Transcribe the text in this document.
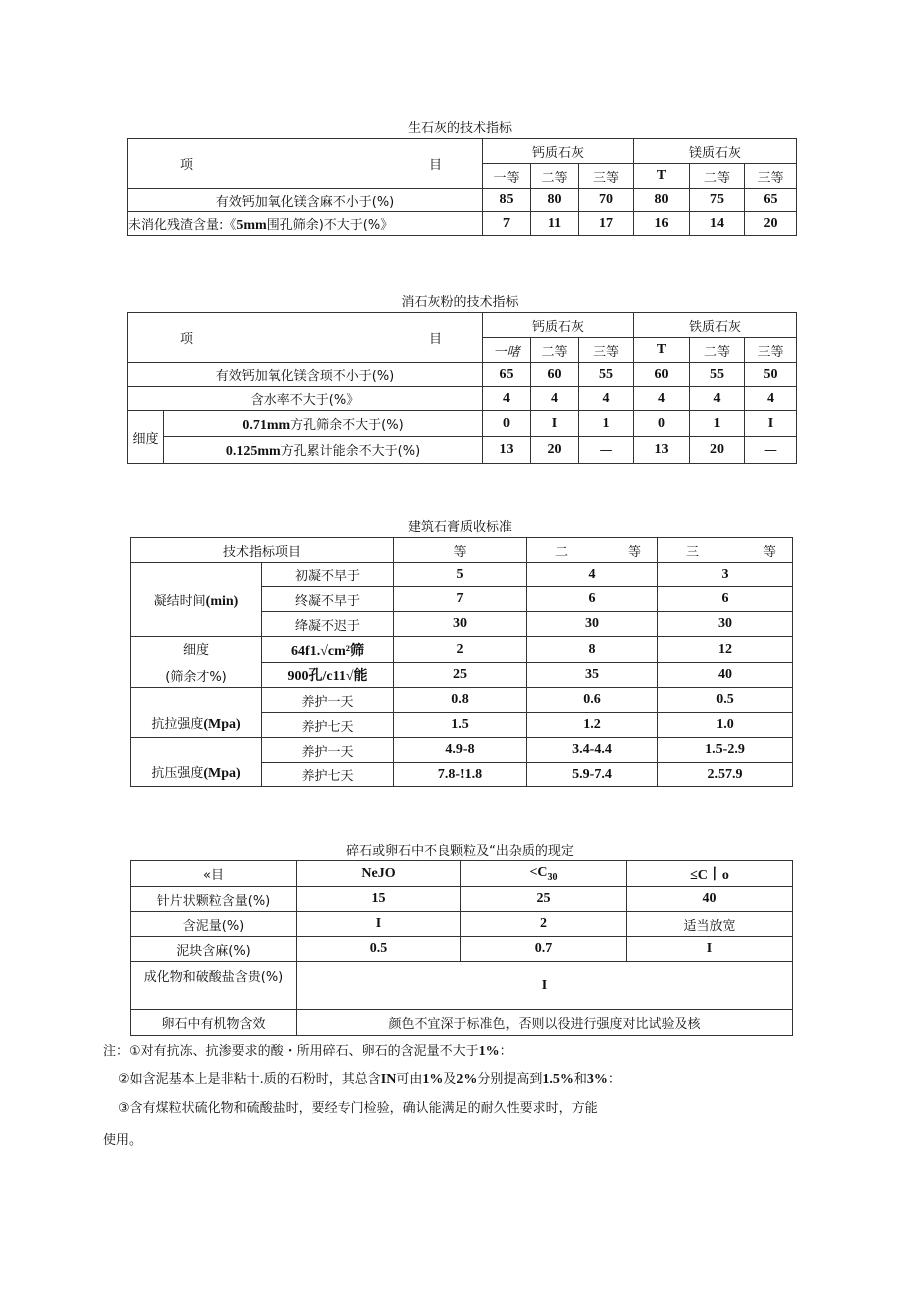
生石灰的技术指标
项 目	钙质石灰			镁质石灰		
	一等	二等	三等	T	二等	三等
有效钙加氧化镁含麻不小于(%)	85	80	70	80	75	65
未消化残渣含量:《5mm围孔筛余)不大于(%》	7	11	17	16	14	20
消石灰粉的技术指标
项 目		钙质石灰			铁质石灰		
		一啫	二等	三等	T	二等	三等
有效钙加氧化镁含顼不小于(%)		65	60	55	60	55	50
含水率不大于(%》		4	4	4	4	4	4
细度	0.71mm方孔筛余不大于(%)	0	I	1	0	1	I
	0.125mm方孔累计能余不大于(%)	13	20	—	13	20	—
建筑石膏质收标准
技术指标项目		等	二 等	三 等

凝结时间(min)	初凝不早于	5	4	3
	终凝不早于	7	6	6
	绛凝不迟于	30	30	30

细度
(筛余才%)	64f1.√cm²筛	2	8	12
	900孔/c11√能	25	35	40
抗拉强度(Mpa)	养护一天	0.8	0.6	0.5
	养护七天	1.5	1.2	1.0
抗压强度(Mpa)	养护一天	4.9-8	3.4-4.4	1.5-2.9
	养护七天	7.8-!1.8	5.9-7.4	2.57.9
碎石或卵石中不良颗粒及“出杂质的现定
«目	NeJO	$<C_{30}$	≤C丨o
针片状颗粒含量(%)	15	25	40
含泥量(%)	I	2	适当放宽
泥块含麻(%)	0.5	0.7	I
成化物和破酸盐含贵(%)	I		
卵石中有机物含效	颜色不宜深于标准色，否则以役进行强度对比试验及核		
注：①对有抗冻、抗渗要求的酸・所用碎石、卵石的含泥量不大于1%：
②如含泥基本上是非粘十.质的石粉时，其总含IN可由1%及2%分别提高到1.5%和3%：
③含有煤粒状硫化物和硫酸盐时，要经专门检验，确认能满足的耐久性要求时，方能
使用。
